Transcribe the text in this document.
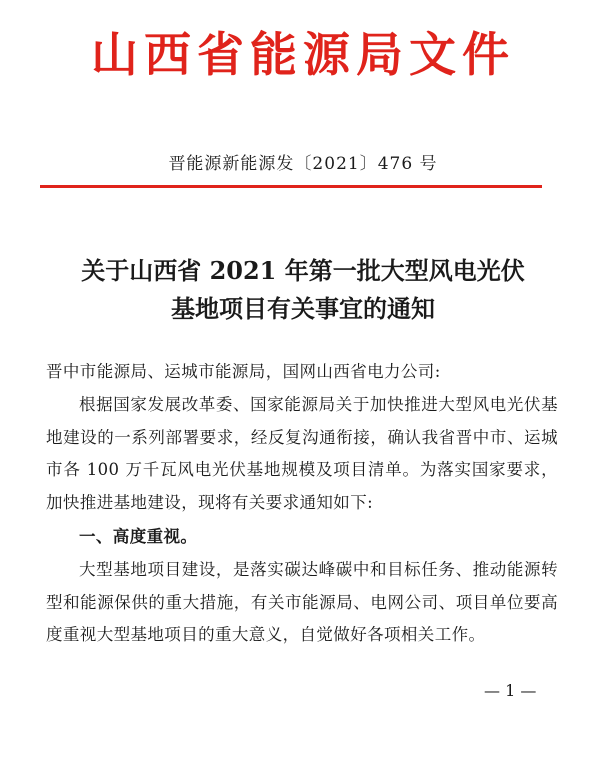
山西省能源局文件
晋能源新能源发〔2021〕476 号
关于山西省 2021 年第一批大型风电光伏
基地项目有关事宜的通知
晋中市能源局、运城市能源局，国网山西省电力公司:
根据国家发展改革委、国家能源局关于加快推进大型风电光伏基地建设的一系列部署要求，经反复沟通衔接，确认我省晋中市、运城市各 100 万千瓦风电光伏基地规模及项目清单。为落实国家要求，加快推进基地建设，现将有关要求通知如下:
一、高度重视。
大型基地项目建设，是落实碳达峰碳中和目标任务、推动能源转型和能源保供的重大措施，有关市能源局、电网公司、项目单位要高度重视大型基地项目的重大意义，自觉做好各项相关工作。
— 1 —
